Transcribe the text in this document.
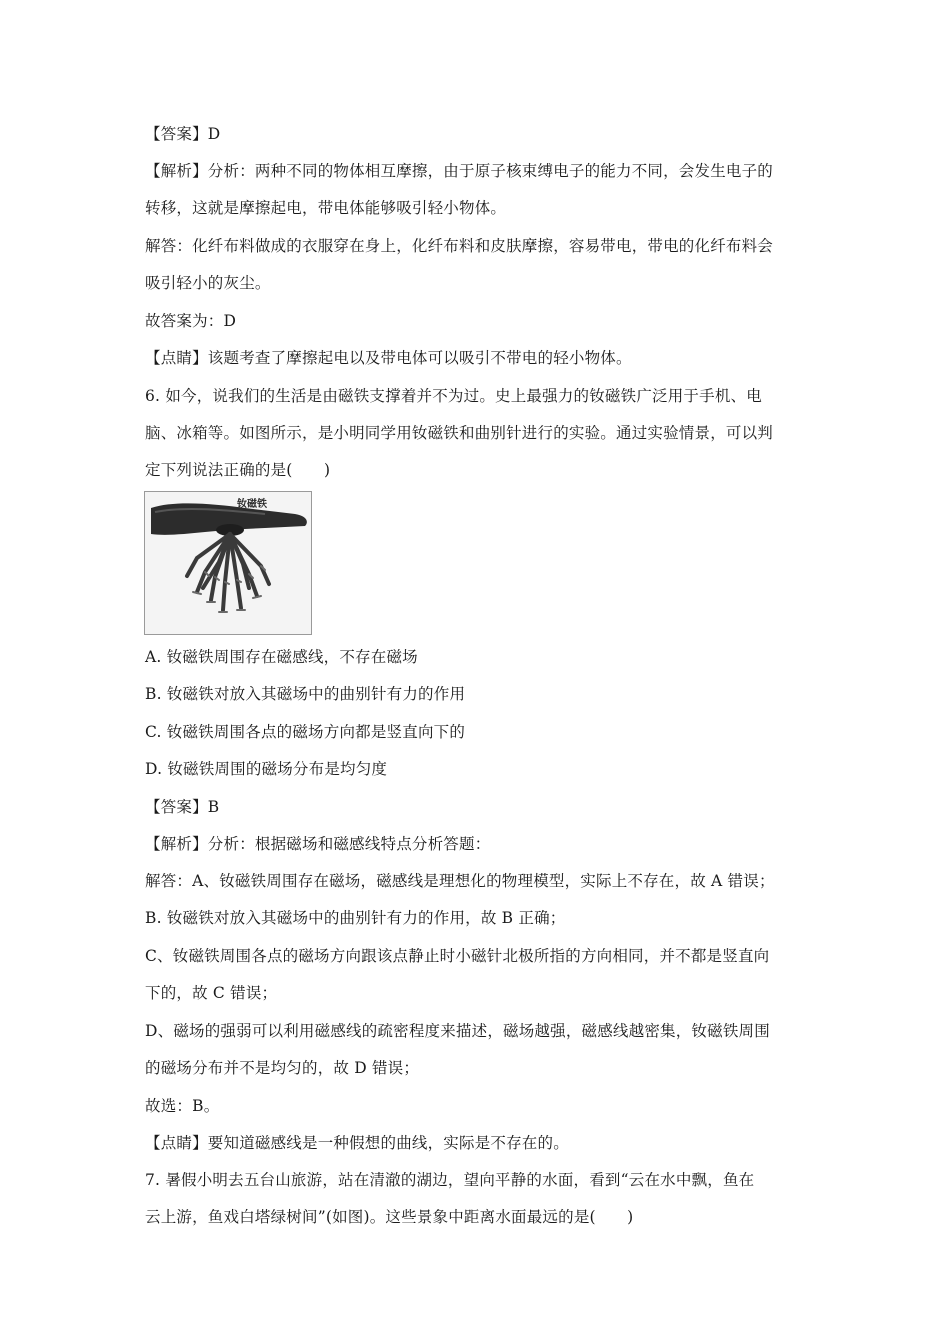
【答案】D
【解析】分析：两种不同的物体相互摩擦，由于原子核束缚电子的能力不同，会发生电子的
转移，这就是摩擦起电，带电体能够吸引轻小物体。
解答：化纤布料做成的衣服穿在身上，化纤布料和皮肤摩擦，容易带电，带电的化纤布料会
吸引轻小的灰尘。
故答案为：D
【点睛】该题考查了摩擦起电以及带电体可以吸引不带电的轻小物体。
6. 如今，说我们的生活是由磁铁支撑着并不为过。史上最强力的钕磁铁广泛用于手机、电
脑、冰箱等。如图所示，是小明同学用钕磁铁和曲别针进行的实验。通过实验情景，可以判
定下列说法正确的是(　　)
钕磁铁
A. 钕磁铁周围存在磁感线，不存在磁场
B. 钕磁铁对放入其磁场中的曲别针有力的作用
C. 钕磁铁周围各点的磁场方向都是竖直向下的
D. 钕磁铁周围的磁场分布是均匀度
【答案】B
【解析】分析：根据磁场和磁感线特点分析答题：
解答：A、钕磁铁周围存在磁场，磁感线是理想化的物理模型，实际上不存在，故 A 错误；
B. 钕磁铁对放入其磁场中的曲别针有力的作用，故 B 正确；
C、钕磁铁周围各点的磁场方向跟该点静止时小磁针北极所指的方向相同，并不都是竖直向
下的，故 C 错误；
D、磁场的强弱可以利用磁感线的疏密程度来描述，磁场越强，磁感线越密集，钕磁铁周围
的磁场分布并不是均匀的，故 D 错误；
故选：B。
【点睛】要知道磁感线是一种假想的曲线，实际是不存在的。
7. 暑假小明去五台山旅游，站在清澈的湖边，望向平静的水面，看到“云在水中飘，鱼在
云上游，鱼戏白塔绿树间”(如图)。这些景象中距离水面最远的是(　　)
